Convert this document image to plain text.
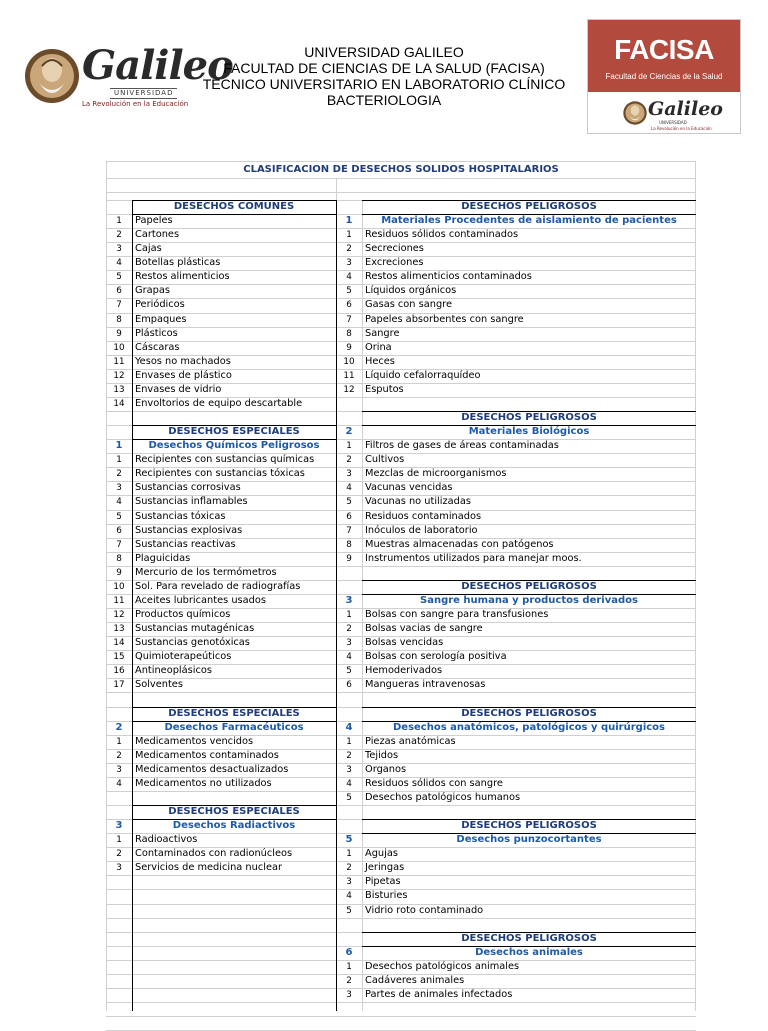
Galileo
UNIVERSIDAD
La Revolución en la Educación
UNIVERSIDAD GALILEO
FACULTAD DE CIENCIAS DE LA SALUD (FACISA)
TECNICO UNIVERSITARIO EN LABORATORIO CLÍNICO
BACTERIOLOGIA
FACISA
Facultad de Ciencias de la Salud
Galileo
UNIVERSIDAD
La Revolución en la Educación
CLASIFICACION DE DESECHOS SOLIDOS HOSPITALARIOS
DESECHOS COMUNES
1	Papeles
2	Cartones
3	Cajas
4	Botellas plásticas
5	Restos alimenticios
6	Grapas
7	Periódicos
8	Empaques
9	Plásticos
10	Cáscaras
11	Yesos no machados
12	Envases de plástico
13	Envases de vidrio
14	Envoltorios de equipo descartable
DESECHOS ESPECIALES
1	Desechos Químicos Peligrosos
1	Recipientes con sustancias químicas
2	Recipientes con sustancias tóxicas
3	Sustancias corrosivas
4	Sustancias inflamables
5	Sustancias tóxicas
6	Sustancias explosivas
7	Sustancias reactivas
8	Plaguicidas
9	Mercurio de los termómetros
10	Sol. Para revelado de radiografías
11	Aceites lubricantes usados
12	Productos químicos
13	Sustancias mutagénicas
14	Sustancias genotóxicas
15	Quimioterapeúticos
16	Antineoplásicos
17	Solventes
DESECHOS ESPECIALES
2	Desechos Farmacéuticos
1	Medicamentos vencidos
2	Medicamentos contaminados
3	Medicamentos desactualizados
4	Medicamentos no utilizados
DESECHOS ESPECIALES
3	Desechos Radiactivos
1	Radioactivos
2	Contaminados con radionúcleos
3	Servicios de medicina nuclear
DESECHOS PELIGROSOS
1	Materiales Procedentes de aislamiento de pacientes
1	Residuos sólidos contaminados
2	Secreciones
3	Excreciones
4	Restos alimenticios contaminados
5	Líquidos orgánicos
6	Gasas con sangre
7	Papeles absorbentes con sangre
8	Sangre
9	Orina
10	Heces
11	Líquido cefalorraquídeo
12	Esputos
DESECHOS PELIGROSOS
2	Materiales Biológicos
1	Filtros de gases de áreas contaminadas
2	Cultivos
3	Mezclas de microorganismos
4	Vacunas vencidas
5	Vacunas no utilizadas
6	Residuos contaminados
7	Inóculos de laboratorio
8	Muestras almacenadas con patógenos
9	Instrumentos utilizados para manejar moos.
DESECHOS PELIGROSOS
3	Sangre humana y productos derivados
1	Bolsas con sangre para transfusiones
2	Bolsas vacias de sangre
3	Bolsas vencidas
4	Bolsas con serología positiva
5	Hemoderivados
6	Mangueras intravenosas
DESECHOS PELIGROSOS
4	Desechos anatómicos, patológicos y quirúrgicos
1	Piezas anatómicas
2	Tejidos
3	Organos
4	Residuos sólidos con sangre
5	Desechos patológicos humanos
DESECHOS PELIGROSOS
5	Desechos punzocortantes
1	Agujas
2	Jeringas
3	Pipetas
4	Bisturies
5	Vidrio roto contaminado
DESECHOS PELIGROSOS
6	Desechos animales
1	Desechos patológicos animales
2	Cadáveres animales
3	Partes de animales infectados
